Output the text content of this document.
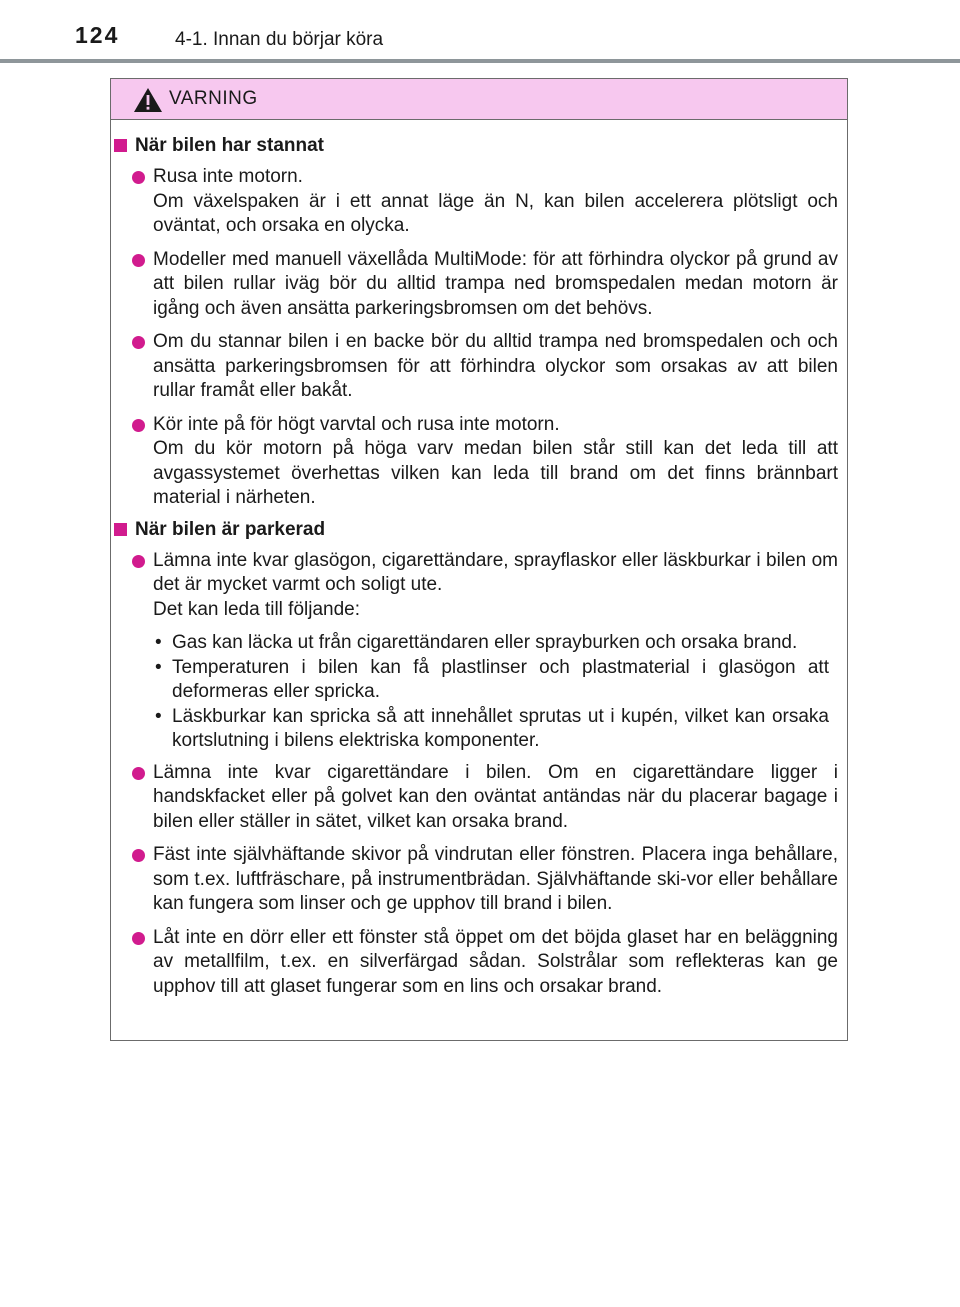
124	4-1. Innan du börjar köra
VARNING
När bilen har stannat

Rusa inte motorn.

Om växelspaken är i ett annat läge än N, kan bilen accelerera plötsligt och oväntat, och orsaka en olycka.

Modeller med manuell växellåda MultiMode: för att förhindra olyckor på grund av att bilen rullar iväg bör du alltid trampa ned bromspedalen medan motorn är igång och även ansätta parkeringsbromsen om det behövs.

Om du stannar bilen i en backe bör du alltid trampa ned bromspedalen och och ansätta parkeringsbromsen för att förhindra olyckor som orsakas av att bilen rullar framåt eller bakåt.

Kör inte på för högt varvtal och rusa inte motorn.

Om du kör motorn på höga varv medan bilen står still kan det leda till att avgassystemet överhettas vilken kan leda till brand om det finns brännbart material i närheten.

När bilen är parkerad

Lämna inte kvar glasögon, cigarettändare, sprayflaskor eller läskburkar i bilen om det är mycket varmt och soligt ute.

Det kan leda till följande:

• Gas kan läcka ut från cigarettändaren eller sprayburken och orsaka brand.
• Temperaturen i bilen kan få plastlinser och plastmaterial i glasögon att deformeras eller spricka.
• Läskburkar kan spricka så att innehållet sprutas ut i kupén, vilket kan orsaka kortslutning i bilens elektriska komponenter.

Lämna inte kvar cigarettändare i bilen. Om en cigarettändare ligger i handskfacket eller på golvet kan den oväntat antändas när du placerar bagage i bilen eller ställer in sätet, vilket kan orsaka brand.

Fäst inte självhäftande skivor på vindrutan eller fönstren. Placera inga behållare, som t.ex. luftfräschare, på instrumentbrädan. Självhäftande ski-vor eller behållare kan fungera som linser och ge upphov till brand i bilen.

Låt inte en dörr eller ett fönster stå öppet om det böjda glaset har en beläggning av metallfilm, t.ex. en silverfärgad sådan. Solstrålar som reflekteras kan ge upphov till att glaset fungerar som en lins och orsakar brand.
